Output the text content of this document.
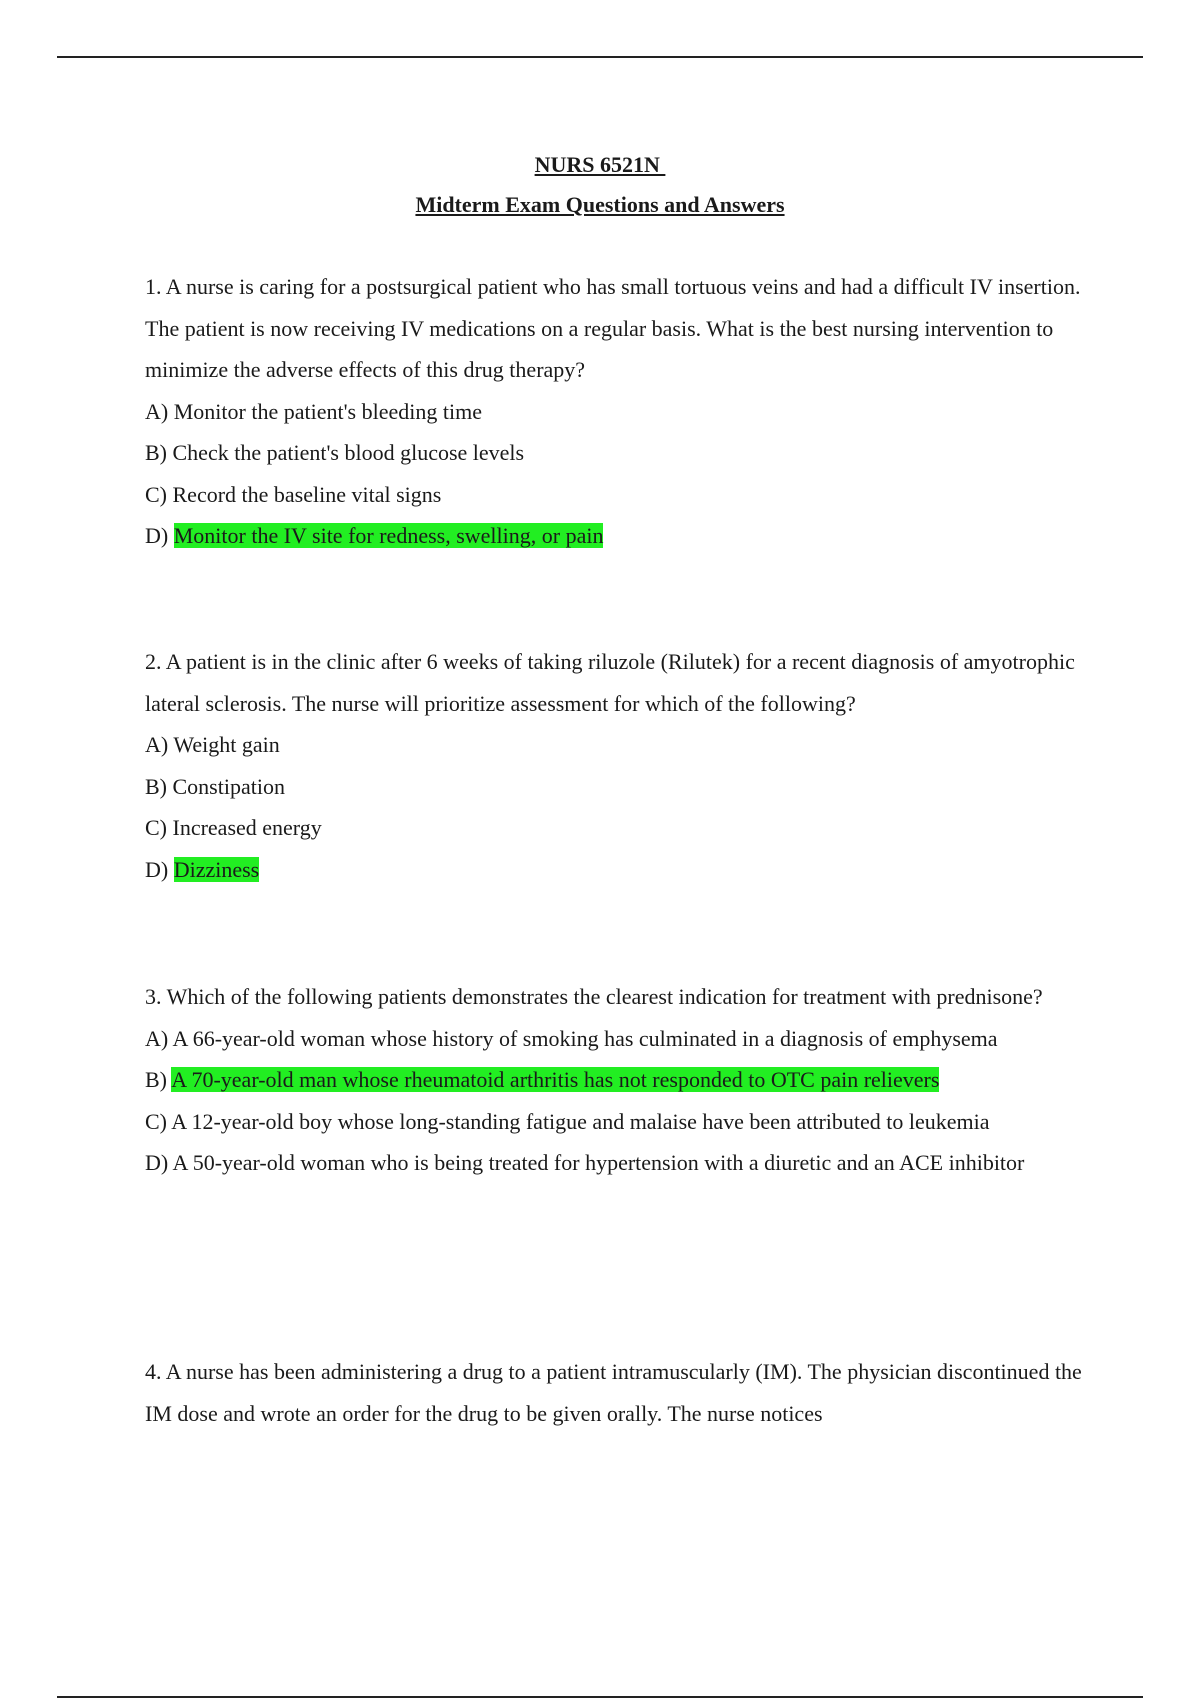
NURS 6521N
Midterm Exam Questions and Answers

1. A nurse is caring for a postsurgical patient who has small tortuous veins and had a difficult IV insertion. The patient is now receiving IV medications on a regular basis. What is the best nursing intervention to minimize the adverse effects of this drug therapy?

A) Monitor the patient's bleeding time
B) Check the patient's blood glucose levels
C) Record the baseline vital signs
D) Monitor the IV site for redness, swelling, or pain

2. A patient is in the clinic after 6 weeks of taking riluzole (Rilutek) for a recent diagnosis of amyotrophic lateral sclerosis. The nurse will prioritize assessment for which of the following?

A) Weight gain
B) Constipation
C) Increased energy
D) Dizziness

3. Which of the following patients demonstrates the clearest indication for treatment with prednisone?

A) A 66-year-old woman whose history of smoking has culminated in a diagnosis of emphysema
B) A 70-year-old man whose rheumatoid arthritis has not responded to OTC pain relievers
C) A 12-year-old boy whose long-standing fatigue and malaise have been attributed to leukemia
D) A 50-year-old woman who is being treated for hypertension with a diuretic and an ACE inhibitor

4. A nurse has been administering a drug to a patient intramuscularly (IM). The physician discontinued the IM dose and wrote an order for the drug to be given orally. The nurse notices
